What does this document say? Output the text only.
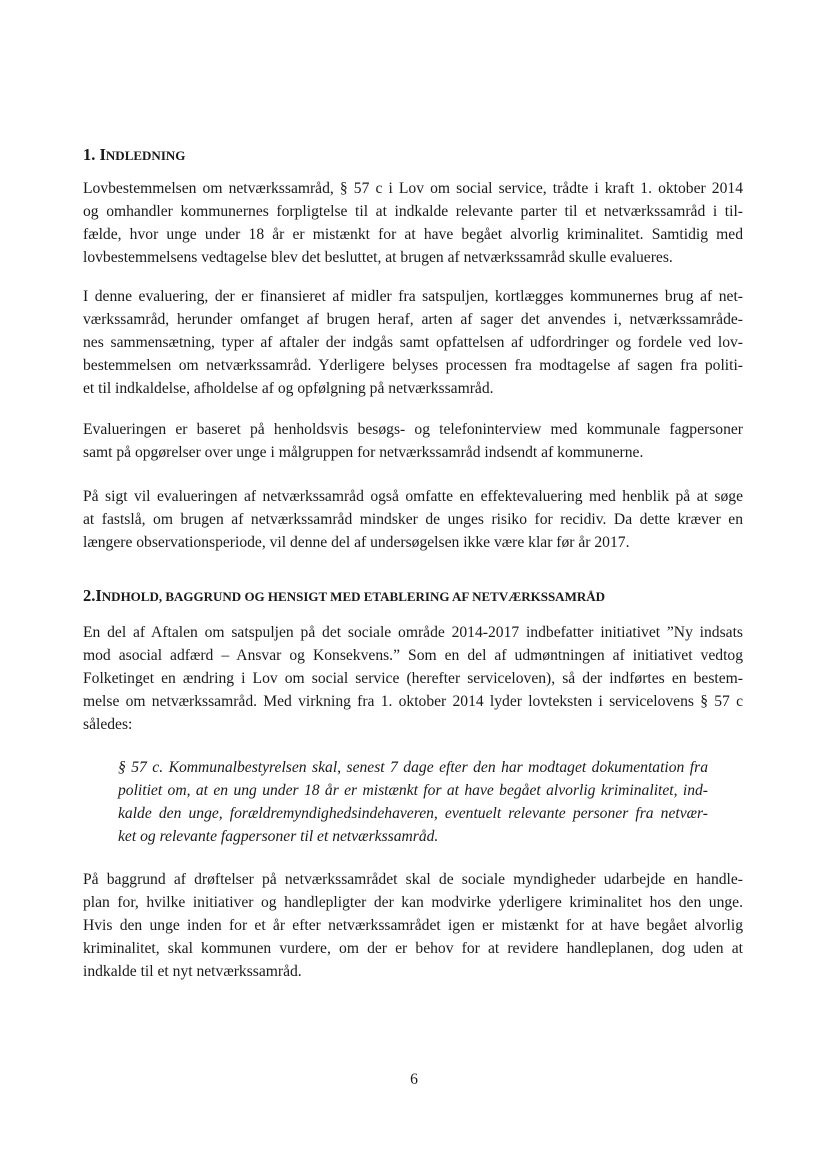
1. INDLEDNING
Lovbestemmelsen om netværkssamråd, § 57 c i Lov om social service, trådte i kraft 1. oktober 2014
og omhandler kommunernes forpligtelse til at indkalde relevante parter til et netværkssamråd i til-
fælde, hvor unge under 18 år er mistænkt for at have begået alvorlig kriminalitet. Samtidig med
lovbestemmelsens vedtagelse blev det besluttet, at brugen af netværkssamråd skulle evalueres.
I denne evaluering, der er finansieret af midler fra satspuljen, kortlægges kommunernes brug af net-
værkssamråd, herunder omfanget af brugen heraf, arten af sager det anvendes i, netværkssamråde-
nes sammensætning, typer af aftaler der indgås samt opfattelsen af udfordringer og fordele ved lov-
bestemmelsen om netværkssamråd. Yderligere belyses processen fra modtagelse af sagen fra politi-
et til indkaldelse, afholdelse af og opfølgning på netværkssamråd.
Evalueringen er baseret på henholdsvis besøgs- og telefoninterview med kommunale fagpersoner
samt på opgørelser over unge i målgruppen for netværkssamråd indsendt af kommunerne.
På sigt vil evalueringen af netværkssamråd også omfatte en effektevaluering med henblik på at søge
at fastslå, om brugen af netværkssamråd mindsker de unges risiko for recidiv. Da dette kræver en
længere observationsperiode, vil denne del af undersøgelsen ikke være klar før år 2017.
2.INDHOLD, BAGGRUND OG HENSIGT MED ETABLERING AF NETVÆRKSSAMRÅD
En del af Aftalen om satspuljen på det sociale område 2014-2017 indbefatter initiativet ”Ny indsats
mod asocial adfærd – Ansvar og Konsekvens.” Som en del af udmøntningen af initiativet vedtog
Folketinget en ændring i Lov om social service (herefter serviceloven), så der indførtes en bestem-
melse om netværkssamråd. Med virkning fra 1. oktober 2014 lyder lovteksten i servicelovens § 57 c
således:
§ 57 c. Kommunalbestyrelsen skal, senest 7 dage efter den har modtaget dokumentation fra
politiet om, at en ung under 18 år er mistænkt for at have begået alvorlig kriminalitet, ind-
kalde den unge, forældremyndighedsindehaveren, eventuelt relevante personer fra netvær-
ket og relevante fagpersoner til et netværkssamråd.
På baggrund af drøftelser på netværkssamrådet skal de sociale myndigheder udarbejde en handle-
plan for, hvilke initiativer og handlepligter der kan modvirke yderligere kriminalitet hos den unge.
Hvis den unge inden for et år efter netværkssamrådet igen er mistænkt for at have begået alvorlig
kriminalitet, skal kommunen vurdere, om der er behov for at revidere handleplanen, dog uden at
indkalde til et nyt netværkssamråd.
6
